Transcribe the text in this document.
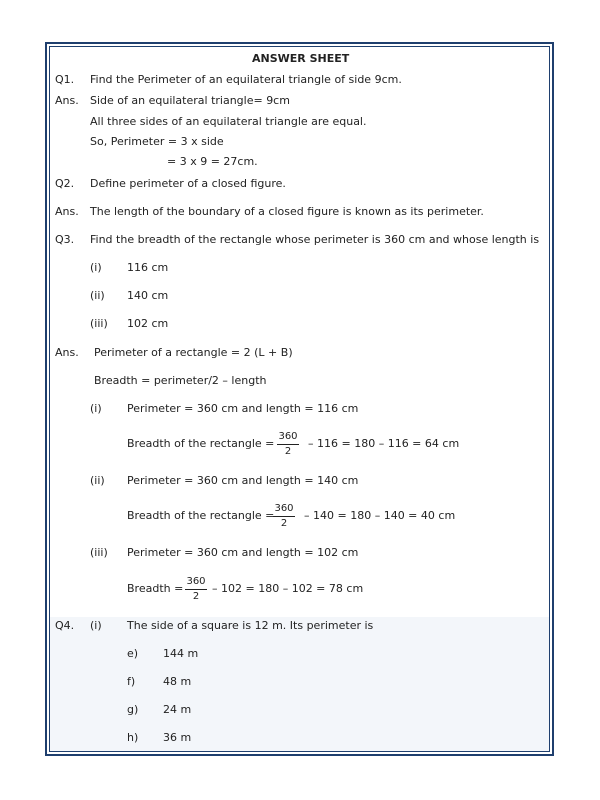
ANSWER SHEET
Q1. Find the Perimeter of an equilateral triangle of side 9cm.
Ans. Side of an equilateral triangle= 9cm
All three sides of an equilateral triangle are equal.
So, Perimeter = 3 x side
= 3 x 9 = 27cm.
Q2. Define perimeter of a closed figure.
Ans. The length of the boundary of a closed figure is known as its perimeter.
Q3. Find the breadth of the rectangle whose perimeter is 360 cm and whose length is
(i) 116 cm
(ii) 140 cm
(iii) 102 cm
Ans. Perimeter of a rectangle = 2 (L + B)
Breadth = perimeter/2 – length
(i) Perimeter = 360 cm and length = 116 cm
Breadth of the rectangle = $\frac{360}{2} - 116 = 180 - 116 = 64$ cm
(ii) Perimeter = 360 cm and length = 140 cm
Breadth of the rectangle =
$\frac{360}{2} - 140 = 180 - 140 = 40$ cm
(iii) Perimeter = 360 cm and length = 102 cm
Breadth = $\frac{360}{2} - 102 = 180 - 102 = 78$ cm
Q4. (i) The side of a square is 12 m. Its perimeter is
e) 144 m
f)	48 m
g) 24 m
h) 36 m
